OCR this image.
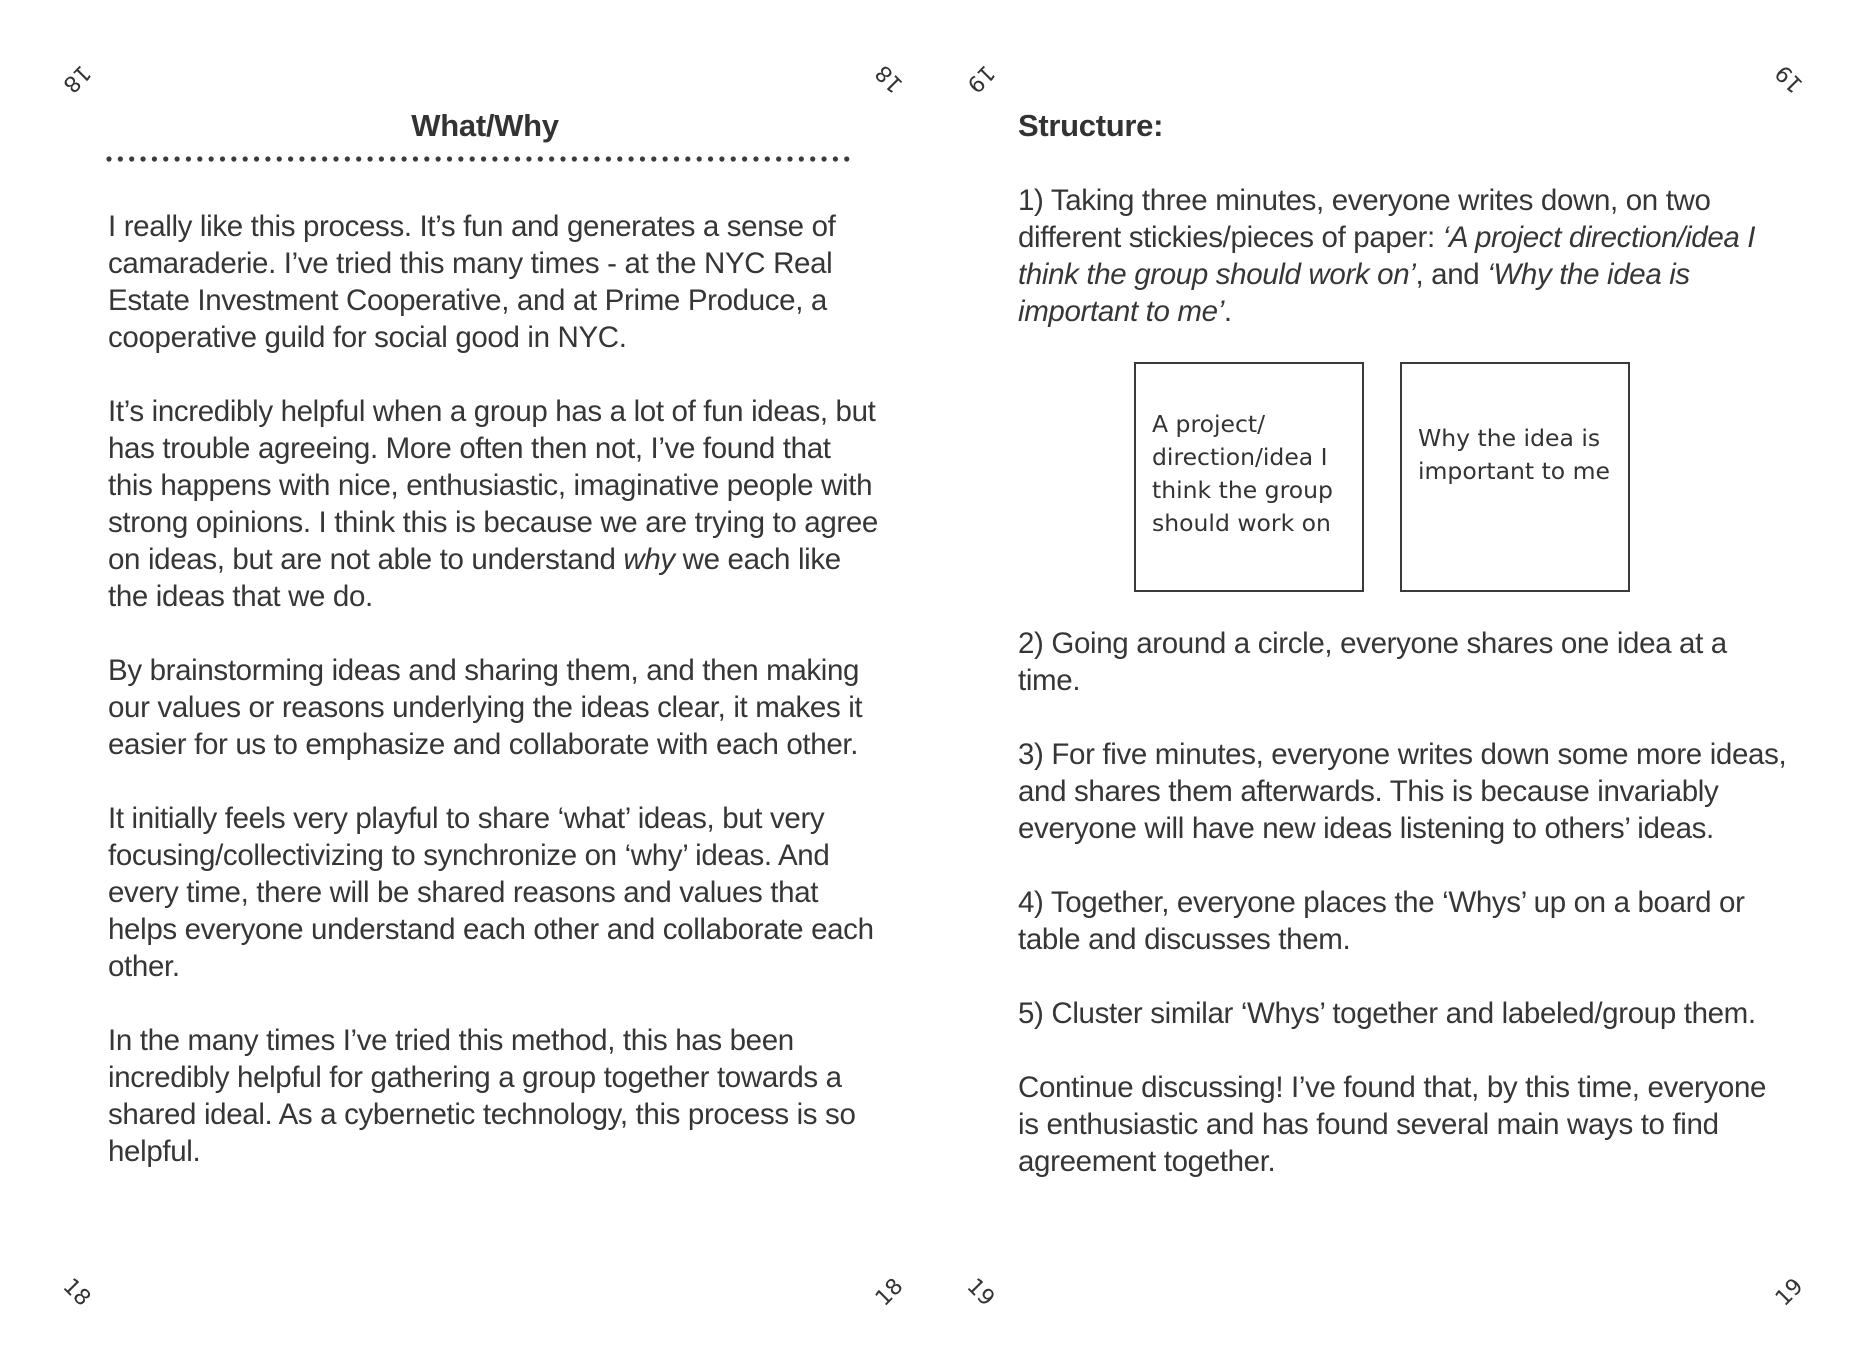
18	18 19	19
18	18 19	19
What/Why

I really like this process. It’s fun and generates a sense of camaraderie. I’ve tried this many times - at the NYC Real Estate Investment Cooperative, and at Prime Produce, a cooperative guild for social good in NYC.

It’s incredibly helpful when a group has a lot of fun ideas, but has trouble agreeing. More often then not, I’ve found that this happens with nice, enthusiastic, imaginative people with strong opinions. I think this is because we are trying to agree on ideas, but are not able to understand why we each like the ideas that we do.

By brainstorming ideas and sharing them, and then making our values or reasons underlying the ideas clear, it makes it easier for us to emphasize and collaborate with each other.

It initially feels very playful to share ‘what’ ideas, but very focusing/collectivizing to synchronize on ‘why’ ideas. And every time, there will be shared reasons and values that helps everyone understand each other and collaborate each other.

In the many times I’ve tried this method, this has been incredibly helpful for gathering a group together towards a shared ideal. As a cybernetic technology, this process is so helpful.

Structure:

1) Taking three minutes, everyone writes down, on two different stickies/pieces of paper: ‘A project direction/idea I think the group should work on’, and ‘Why the idea is important to me’.

A project/ direction/idea I think the group should work on
Why the idea is important to me

2) Going around a circle, everyone shares one idea at a time.

3) For five minutes, everyone writes down some more ideas, and shares them afterwards. This is because invariably everyone will have new ideas listening to others’ ideas.

4) Together, everyone places the ‘Whys’ up on a board or table and discusses them.

5) Cluster similar ‘Whys’ together and labeled/group them.

Continue discussing! I’ve found that, by this time, everyone is enthusiastic and has found several main ways to find agreement together.
